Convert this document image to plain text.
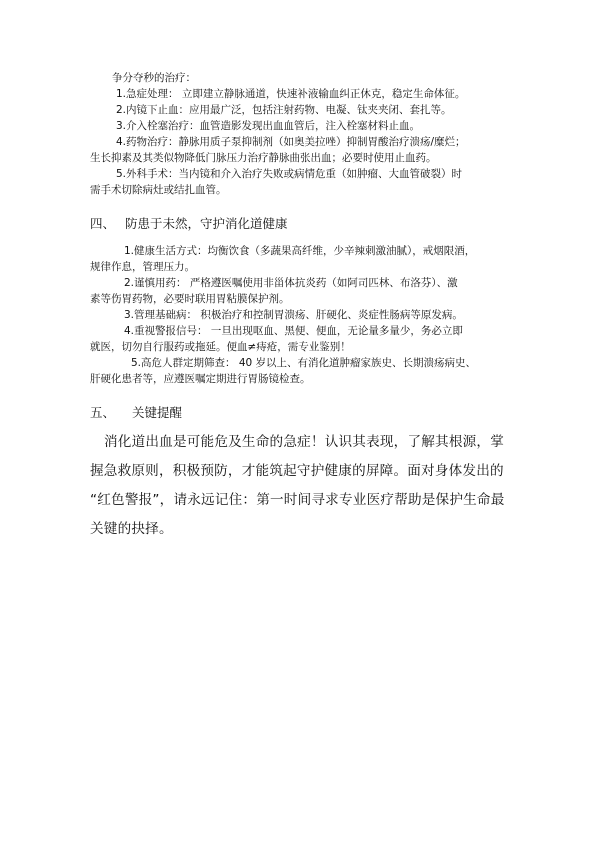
争分夺秒的治疗：
1.急症处理： 立即建立静脉通道，快速补液输血纠正休克，稳定生命体征。
2.内镜下止血：应用最广泛，包括注射药物、电凝、钛夹夹闭、套扎等。
3.介入栓塞治疗：血管造影发现出血血管后，注入栓塞材料止血。
4.药物治疗：静脉用质子泵抑制剂（如奥美拉唑）抑制胃酸治疗溃疡/糜烂；
生长抑素及其类似物降低门脉压力治疗静脉曲张出血；必要时使用止血药。
5.外科手术：当内镜和介入治疗失败或病情危重（如肿瘤、大血管破裂）时
需手术切除病灶或结扎血管。
四、 防患于未然，守护消化道健康
1.健康生活方式：均衡饮食（多蔬果高纤维，少辛辣刺激油腻），戒烟限酒，
规律作息，管理压力。
2.谨慎用药： 严格遵医嘱使用非甾体抗炎药（如阿司匹林、布洛芬）、激
素等伤胃药物，必要时联用胃粘膜保护剂。
3.管理基础病： 积极治疗和控制胃溃疡、肝硬化、炎症性肠病等原发病。
4.重视警报信号： 一旦出现呕血、黑便、便血，无论量多量少，务必立即
就医，切勿自行服药或拖延。便血≠痔疮，需专业鉴别！
5.高危人群定期筛查： 40 岁以上、有消化道肿瘤家族史、长期溃疡病史、
肝硬化患者等，应遵医嘱定期进行胃肠镜检查。
五、 关键提醒
消化道出血是可能危及生命的急症！认识其表现，了解其根源，掌
握急救原则，积极预防，才能筑起守护健康的屏障。面对身体发出的
“红色警报”，请永远记住：第一时间寻求专业医疗帮助是保护生命最
关键的抉择。
